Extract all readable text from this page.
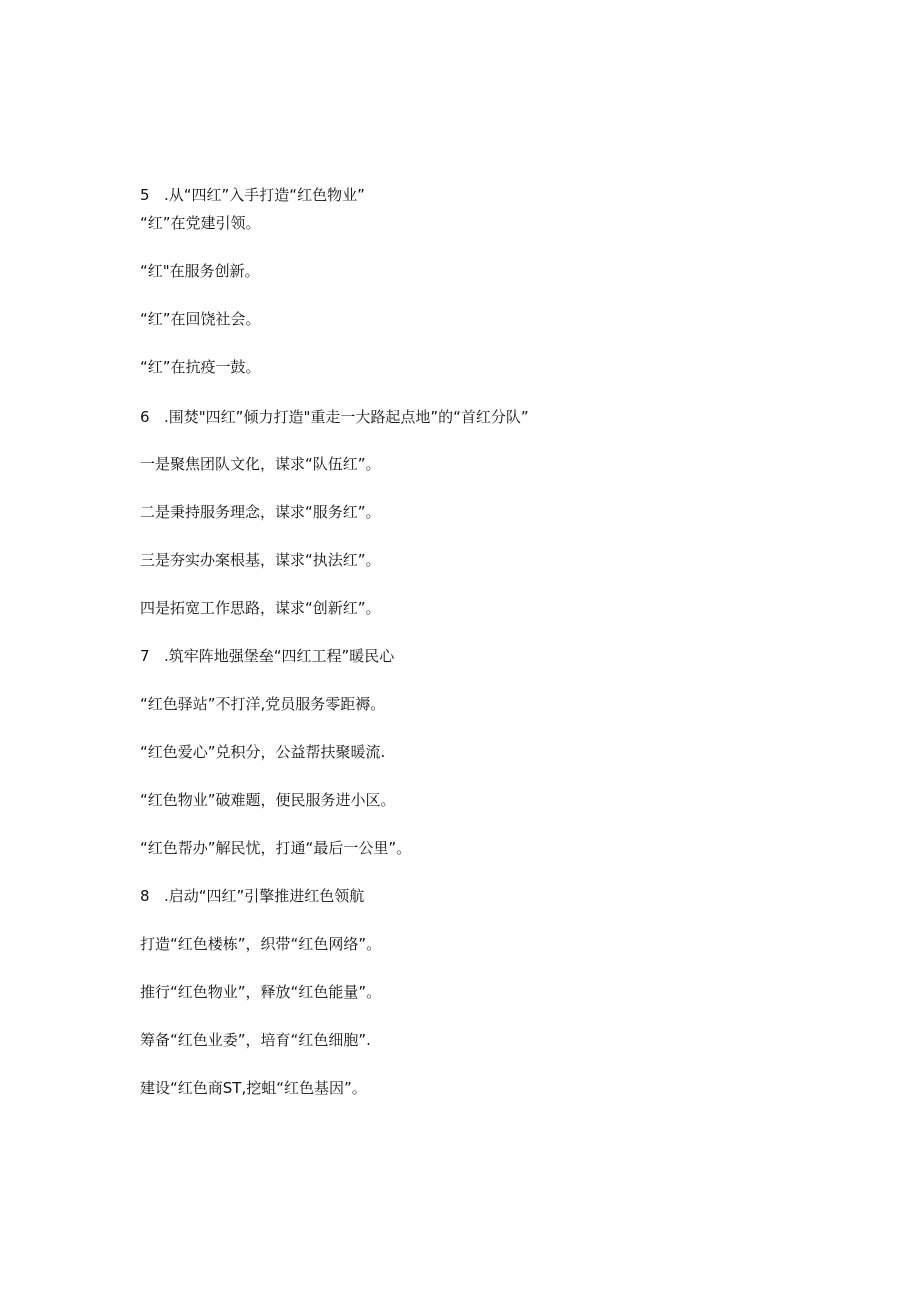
5 .从“四红”入手打造“红色物业”

“红”在党建引领。

“红"在服务创新。

“红”在回饶社会。

“红”在抗疫一鼓。

6 .围焚"四红”倾力打造"重走一大路起点地”的“首红分队”

一是聚焦团队文化，谋求“队伍红”。

二是秉持服务理念，谋求“服务红”。

三是夯实办案根基，谋求“执法红”。

四是拓宽工作思路，谋求“创新红”。

7 .筑牢阵地强堡垒“四红工程”暖民心

“红色驿站”不打洋,党员服务零距褥。

“红色爱心”兑积分，公益帮扶聚暖流.

“红色物业”破难题，便民服务进小区。

“红色帮办”解民忧，打通“最后一公里”。

8 .启动“四红”引擎推进红色领航

打造“红色楼栋”，织带“红色网络”。

推行“红色物业”，释放“红色能量”。

筹备“红色业委”，培育“红色细胞”.

建设“红色商ST,挖蛆“红色基因”。
